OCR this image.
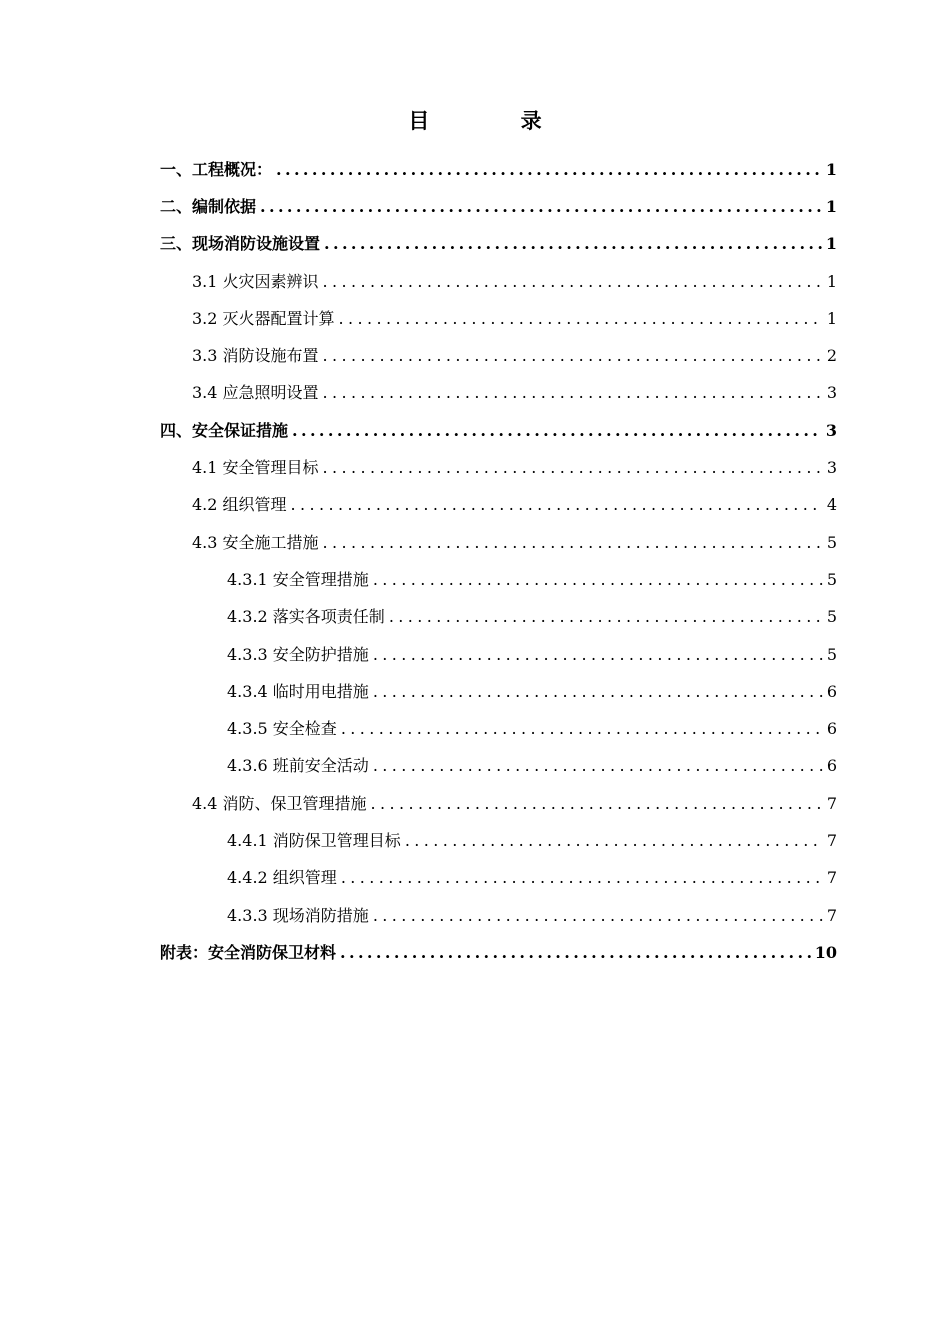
目 录
一、工程概况： .....	1
二、编制依据 .....	1
三、现场消防设施设置 .....	1
3.1 火灾因素辨识 .....	1
3.2 灭火器配置计算 .....	1
3.3 消防设施布置 .....	2
3.4 应急照明设置 .....	3
四、安全保证措施 .....	3
4.1 安全管理目标 .....	3
4.2 组织管理 .....	4
4.3 安全施工措施 .....	5
4.3.1 安全管理措施 .....	5
4.3.2 落实各项责任制 .....	5
4.3.3 安全防护措施 .....	5
4.3.4 临时用电措施 .....	6
4.3.5 安全检查 .....	6
4.3.6 班前安全活动 .....	6
4.4 消防、保卫管理措施 .....	7
4.4.1 消防保卫管理目标 .....	7
4.4.2 组织管理 .....	7
4.3.3 现场消防措施 .....	7
附表：安全消防保卫材料 .....	10
